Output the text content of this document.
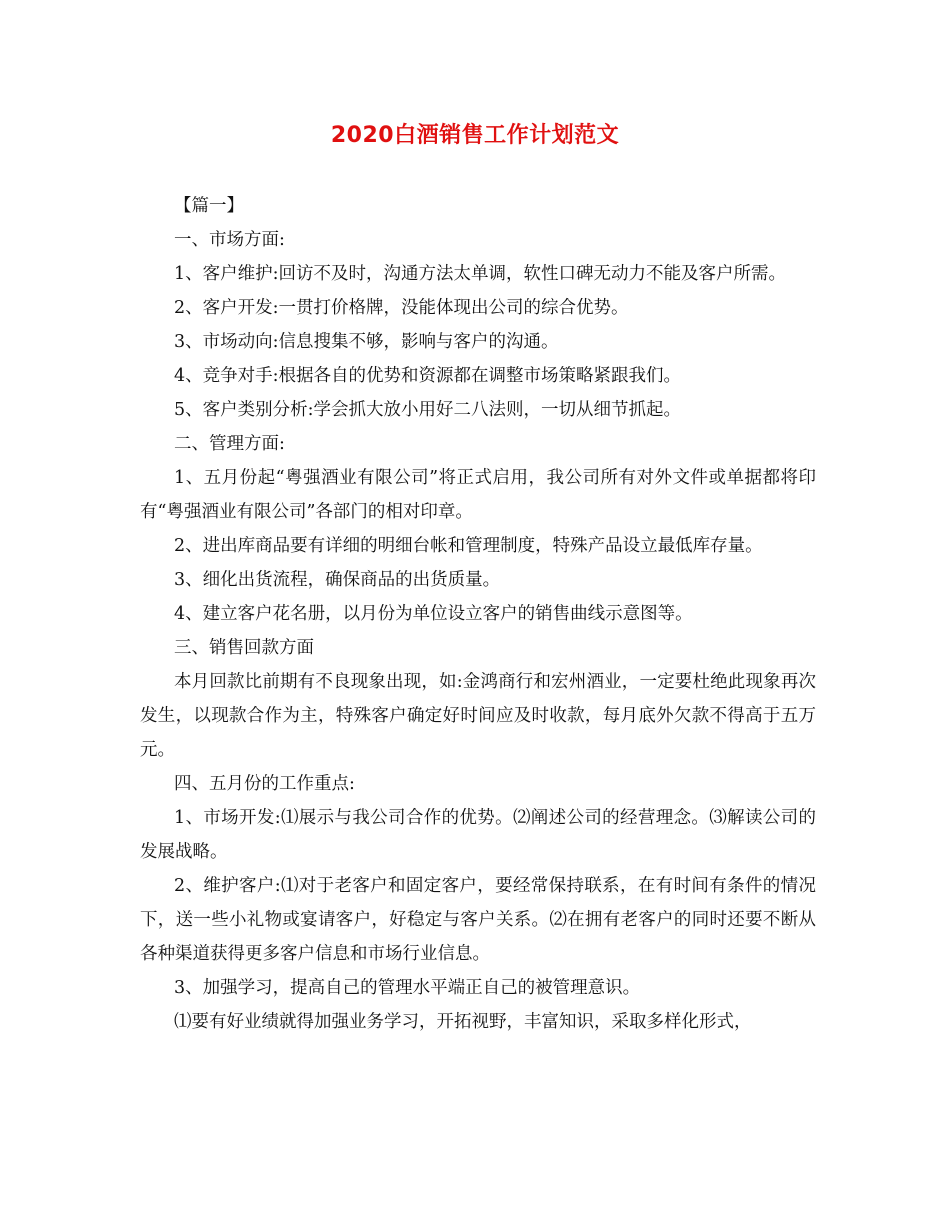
2020白酒销售工作计划范文

【篇一】

一、市场方面:

1、客户维护:回访不及时，沟通方法太单调，软性口碑无动力不能及客户所需。

2、客户开发:一贯打价格牌，没能体现出公司的综合优势。

3、市场动向:信息搜集不够，影响与客户的沟通。

4、竞争对手:根据各自的优势和资源都在调整市场策略紧跟我们。

5、客户类别分析:学会抓大放小用好二八法则，一切从细节抓起。

二、管理方面:

1、五月份起“粤强酒业有限公司”将正式启用，我公司所有对外文件或单据都将印有“粤强酒业有限公司”各部门的相对印章。

2、进出库商品要有详细的明细台帐和管理制度，特殊产品设立最低库存量。

3、细化出货流程，确保商品的出货质量。

4、建立客户花名册，以月份为单位设立客户的销售曲线示意图等。

三、销售回款方面

本月回款比前期有不良现象出现，如:金鸿商行和宏州酒业，一定要杜绝此现象再次发生，以现款合作为主，特殊客户确定好时间应及时收款，每月底外欠款不得高于五万元。

四、五月份的工作重点:

1、市场开发:⑴展示与我公司合作的优势。⑵阐述公司的经营理念。⑶解读公司的发展战略。

2、维护客户:⑴对于老客户和固定客户，要经常保持联系，在有时间有条件的情况下，送一些小礼物或宴请客户，好稳定与客户关系。⑵在拥有老客户的同时还要不断从各种渠道获得更多客户信息和市场行业信息。

3、加强学习，提高自己的管理水平端正自己的被管理意识。

⑴要有好业绩就得加强业务学习，开拓视野，丰富知识，采取多样化形式，
